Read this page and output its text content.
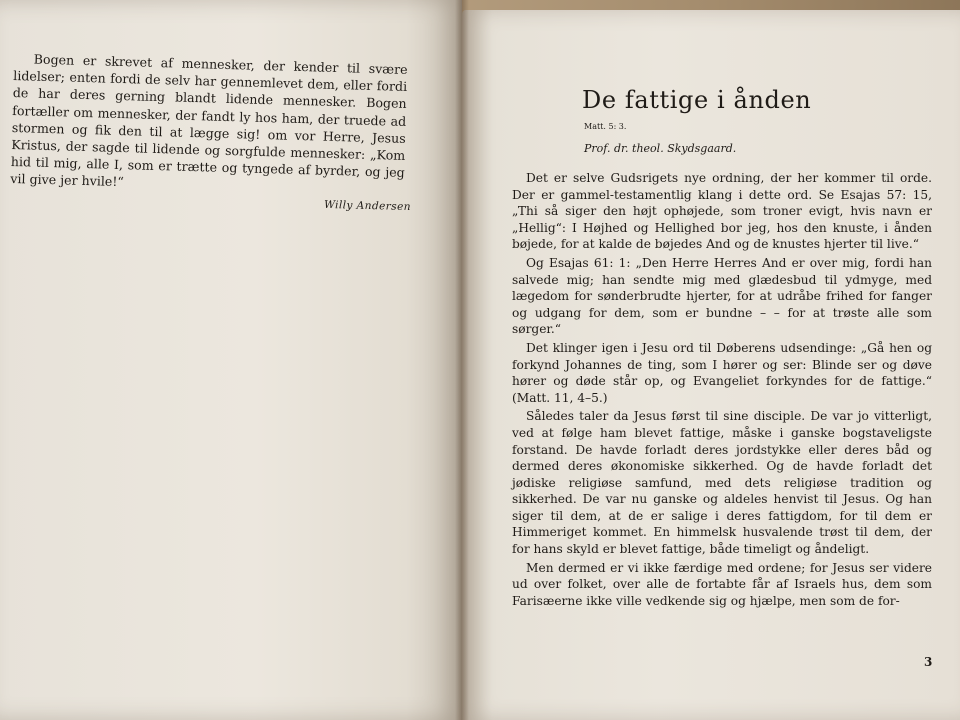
Bogen er skrevet af mennesker, der kender til svære lidelser; enten fordi de selv har gennemlevet dem, eller fordi de har deres gerning blandt lidende mennesker. Bogen fortæller om mennesker, der fandt ly hos ham, der truede ad stormen og fik den til at lægge sig! om vor Herre, Jesus Kristus, der sagde til lidende og sorgfulde mennesker: „Kom hid til mig, alle I, som er trætte og tyngede af byrder, og jeg vil give jer hvile!“

Willy Andersen
De fattige i ånden
Matt. 5: 3.
Prof. dr. theol. Skydsgaard.

Det er selve Gudsrigets nye ordning, der her kommer til orde. Der er gammel-testamentlig klang i dette ord. Se Esajas 57: 15, „Thi så siger den højt ophøjede, som troner evigt, hvis navn er „Hellig“: I Højhed og Hellighed bor jeg, hos den knuste, i ånden bøjede, for at kalde de bøjedes And og de knustes hjerter til live.“

Og Esajas 61: 1: „Den Herre Herres And er over mig, fordi han salvede mig; han sendte mig med glædesbud til ydmyge, med lægedom for sønderbrudte hjerter, for at udråbe frihed for fanger og udgang for dem, som er bundne – – for at trøste alle som sørger.“

Det klinger igen i Jesu ord til Døberens udsendinge: „Gå hen og forkynd Johannes de ting, som I hører og ser: Blinde ser og døve hører og døde står op, og Evangeliet forkyndes for de fattige.“ (Matt. 11, 4–5.)

Således taler da Jesus først til sine disciple. De var jo vitterligt, ved at følge ham blevet fattige, måske i ganske bogstaveligste forstand. De havde forladt deres jordstykke eller deres båd og dermed deres økonomiske sikkerhed. Og de havde forladt det jødiske religiøse samfund, med dets religiøse tradition og sikkerhed. De var nu ganske og aldeles henvist til Jesus. Og han siger til dem, at de er salige i deres fattigdom, for til dem er Himmeriget kommet. En himmelsk husvalende trøst til dem, der for hans skyld er blevet fattige, både timeligt og åndeligt.

Men dermed er vi ikke færdige med ordene; for Jesus ser videre ud over folket, over alle de fortabte får af Israels hus, dem som Farisæerne ikke ville vedkende sig og hjælpe, men som de for-

3
